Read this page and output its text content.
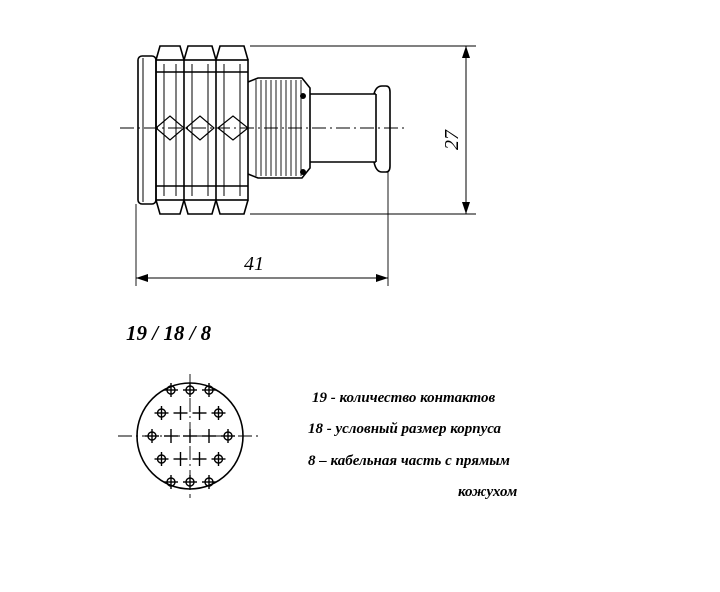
41
27
19 / 18 / 8
19 - количество контактов
18 - условный размер корпуса
8 – кабельная часть с прямым
кожухом
